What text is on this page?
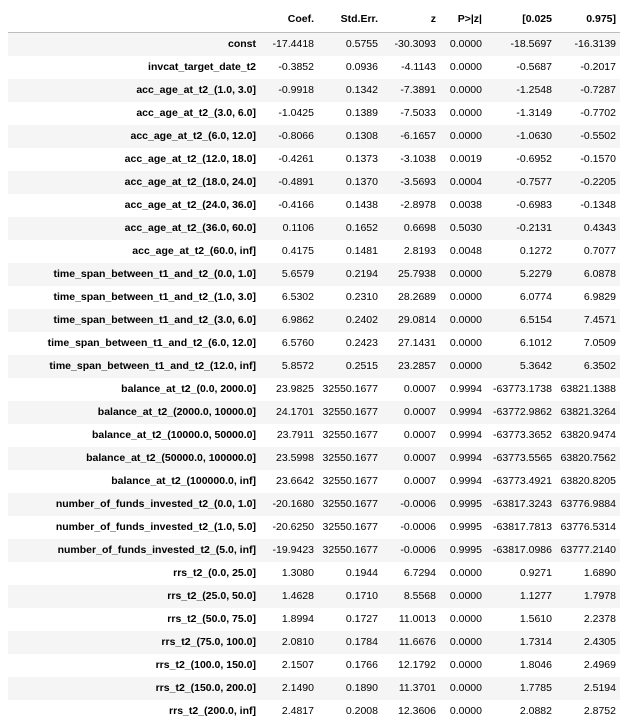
	Coef.	Std.Err.	z	P>|z|	[0.025	0.975]
const	-17.4418	0.5755	-30.3093	0.0000	-18.5697	-16.3139
invcat_target_date_t2	-0.3852	0.0936	-4.1143	0.0000	-0.5687	-0.2017
acc_age_at_t2_(1.0, 3.0]	-0.9918	0.1342	-7.3891	0.0000	-1.2548	-0.7287
acc_age_at_t2_(3.0, 6.0]	-1.0425	0.1389	-7.5033	0.0000	-1.3149	-0.7702
acc_age_at_t2_(6.0, 12.0]	-0.8066	0.1308	-6.1657	0.0000	-1.0630	-0.5502
acc_age_at_t2_(12.0, 18.0]	-0.4261	0.1373	-3.1038	0.0019	-0.6952	-0.1570
acc_age_at_t2_(18.0, 24.0]	-0.4891	0.1370	-3.5693	0.0004	-0.7577	-0.2205
acc_age_at_t2_(24.0, 36.0]	-0.4166	0.1438	-2.8978	0.0038	-0.6983	-0.1348
acc_age_at_t2_(36.0, 60.0]	0.1106	0.1652	0.6698	0.5030	-0.2131	0.4343
acc_age_at_t2_(60.0, inf]	0.4175	0.1481	2.8193	0.0048	0.1272	0.7077
time_span_between_t1_and_t2_(0.0, 1.0]	5.6579	0.2194	25.7938	0.0000	5.2279	6.0878
time_span_between_t1_and_t2_(1.0, 3.0]	6.5302	0.2310	28.2689	0.0000	6.0774	6.9829
time_span_between_t1_and_t2_(3.0, 6.0]	6.9862	0.2402	29.0814	0.0000	6.5154	7.4571
time_span_between_t1_and_t2_(6.0, 12.0]	6.5760	0.2423	27.1431	0.0000	6.1012	7.0509
time_span_between_t1_and_t2_(12.0, inf]	5.8572	0.2515	23.2857	0.0000	5.3642	6.3502
balance_at_t2_(0.0, 2000.0]	23.9825	32550.1677	0.0007	0.9994	-63773.1738	63821.1388
balance_at_t2_(2000.0, 10000.0]	24.1701	32550.1677	0.0007	0.9994	-63772.9862	63821.3264
balance_at_t2_(10000.0, 50000.0]	23.7911	32550.1677	0.0007	0.9994	-63773.3652	63820.9474
balance_at_t2_(50000.0, 100000.0]	23.5998	32550.1677	0.0007	0.9994	-63773.5565	63820.7562
balance_at_t2_(100000.0, inf]	23.6642	32550.1677	0.0007	0.9994	-63773.4921	63820.8205
number_of_funds_invested_t2_(0.0, 1.0]	-20.1680	32550.1677	-0.0006	0.9995	-63817.3243	63776.9884
number_of_funds_invested_t2_(1.0, 5.0]	-20.6250	32550.1677	-0.0006	0.9995	-63817.7813	63776.5314
number_of_funds_invested_t2_(5.0, inf]	-19.9423	32550.1677	-0.0006	0.9995	-63817.0986	63777.2140
rrs_t2_(0.0, 25.0]	1.3080	0.1944	6.7294	0.0000	0.9271	1.6890
rrs_t2_(25.0, 50.0]	1.4628	0.1710	8.5568	0.0000	1.1277	1.7978
rrs_t2_(50.0, 75.0]	1.8994	0.1727	11.0013	0.0000	1.5610	2.2378
rrs_t2_(75.0, 100.0]	2.0810	0.1784	11.6676	0.0000	1.7314	2.4305
rrs_t2_(100.0, 150.0]	2.1507	0.1766	12.1792	0.0000	1.8046	2.4969
rrs_t2_(150.0, 200.0]	2.1490	0.1890	11.3701	0.0000	1.7785	2.5194
rrs_t2_(200.0, inf]	2.4817	0.2008	12.3606	0.0000	2.0882	2.8752
